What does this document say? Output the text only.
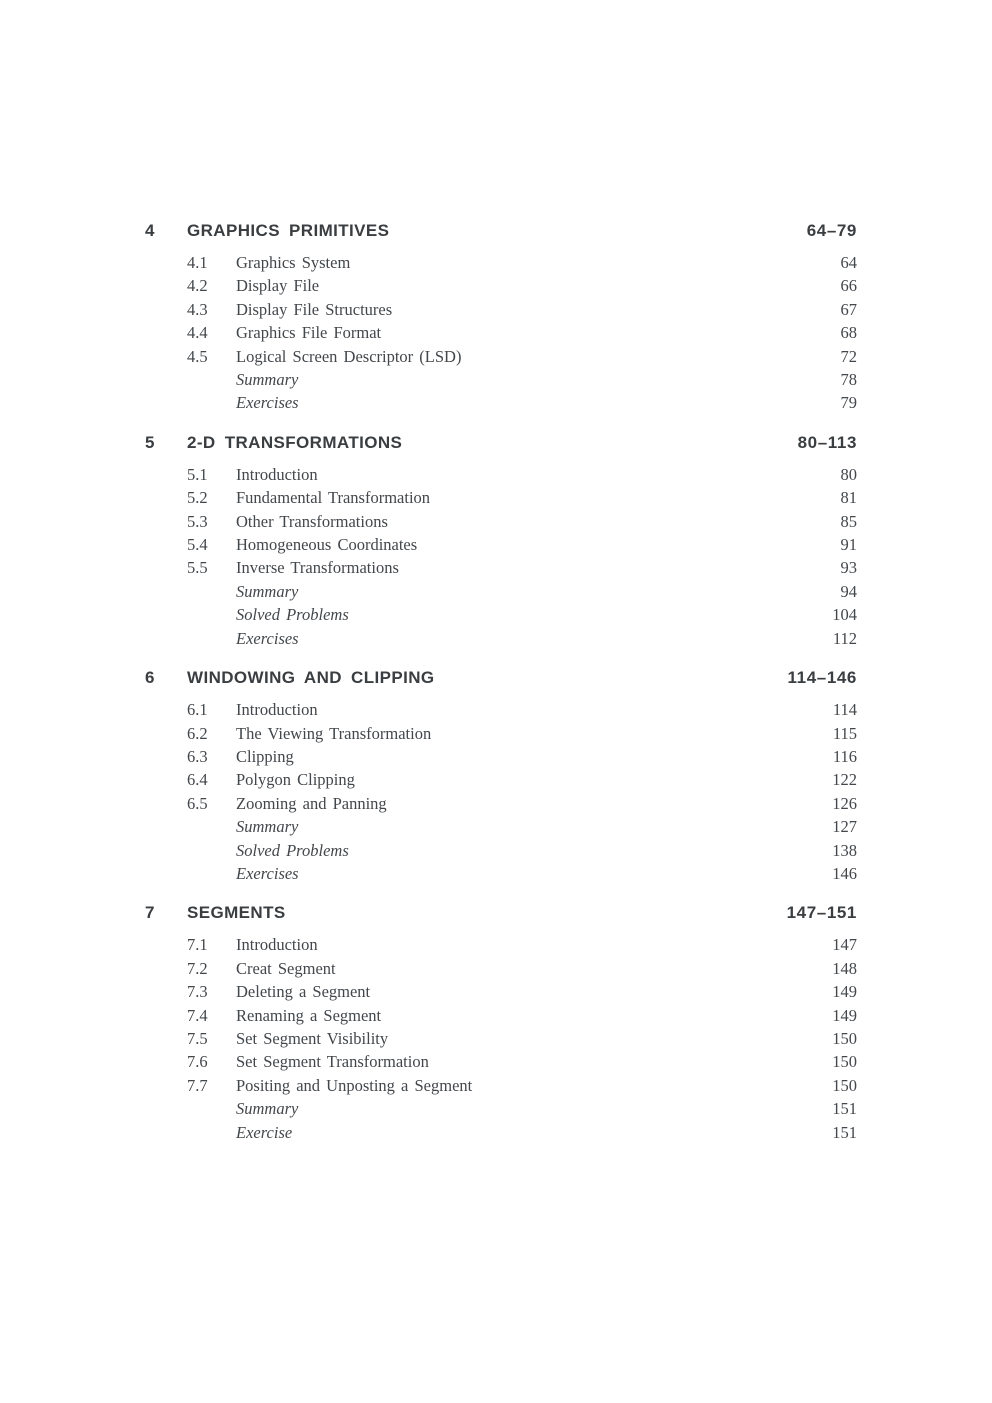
4	GRAPHICS PRIMITIVES	64–79
4.1	Graphics System	64
4.2	Display File	66
4.3	Display File Structures	67
4.4	Graphics File Format	68
4.5	Logical Screen Descriptor (LSD)	72
Summary	78
Exercises	79
5	2-D TRANSFORMATIONS	80–113
5.1	Introduction	80
5.2	Fundamental Transformation	81
5.3	Other Transformations	85
5.4	Homogeneous Coordinates	91
5.5	Inverse Transformations	93
Summary	94
Solved Problems	104
Exercises	112
6	WINDOWING AND CLIPPING	114–146
6.1	Introduction	114
6.2	The Viewing Transformation	115
6.3	Clipping	116
6.4	Polygon Clipping	122
6.5	Zooming and Panning	126
Summary	127
Solved Problems	138
Exercises	146
7	SEGMENTS	147–151
7.1	Introduction	147
7.2	Creat Segment	148
7.3	Deleting a Segment	149
7.4	Renaming a Segment	149
7.5	Set Segment Visibility	150
7.6	Set Segment Transformation	150
7.7	Positing and Unposting a Segment	150
Summary	151
Exercise	151
